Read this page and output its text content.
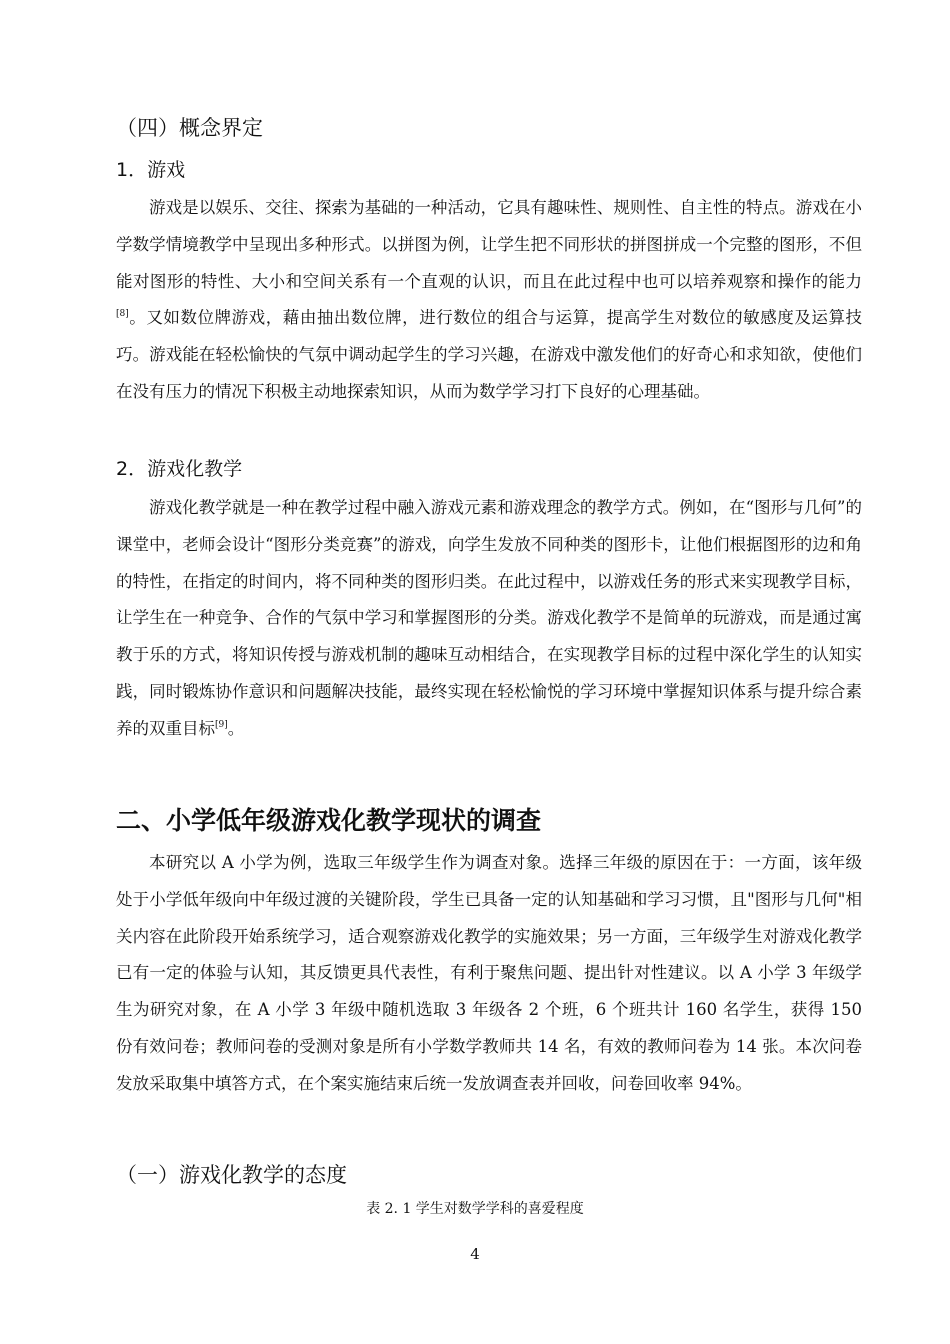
（四）概念界定
1．游戏

游戏是以娱乐、交往、探索为基础的一种活动，它具有趣味性、规则性、自主性的特点。游戏在小学数学情境教学中呈现出多种形式。以拼图为例，让学生把不同形状的拼图拼成一个完整的图形，不但能对图形的特性、大小和空间关系有一个直观的认识，而且在此过程中也可以培养观察和操作的能力[8]。又如数位牌游戏，藉由抽出数位牌，进行数位的组合与运算，提高学生对数位的敏感度及运算技巧。游戏能在轻松愉快的气氛中调动起学生的学习兴趣，在游戏中激发他们的好奇心和求知欲，使他们在没有压力的情况下积极主动地探索知识，从而为数学学习打下良好的心理基础。

2．游戏化教学

游戏化教学就是一种在教学过程中融入游戏元素和游戏理念的教学方式。例如，在“图形与几何”的课堂中，老师会设计“图形分类竞赛”的游戏，向学生发放不同种类的图形卡，让他们根据图形的边和角的特性，在指定的时间内，将不同种类的图形归类。在此过程中，以游戏任务的形式来实现教学目标，让学生在一种竞争、合作的气氛中学习和掌握图形的分类。游戏化教学不是简单的玩游戏，而是通过寓教于乐的方式，将知识传授与游戏机制的趣味互动相结合，在实现教学目标的过程中深化学生的认知实践，同时锻炼协作意识和问题解决技能，最终实现在轻松愉悦的学习环境中掌握知识体系与提升综合素养的双重目标[9]。

二、小学低年级游戏化教学现状的调查

本研究以 A 小学为例，选取三年级学生作为调查对象。选择三年级的原因在于：一方面，该年级处于小学低年级向中年级过渡的关键阶段，学生已具备一定的认知基础和学习习惯，且"图形与几何"相关内容在此阶段开始系统学习，适合观察游戏化教学的实施效果；另一方面，三年级学生对游戏化教学已有一定的体验与认知，其反馈更具代表性，有利于聚焦问题、提出针对性建议。以 A 小学 3 年级学生为研究对象，在 A 小学 3 年级中随机选取 3 年级各 2 个班，6 个班共计 160 名学生，获得 150 份有效问卷；教师问卷的受测对象是所有小学数学教师共 14 名，有效的教师问卷为 14 张。本次问卷发放采取集中填答方式，在个案实施结束后统一发放调查表并回收，问卷回收率 94%。

（一）游戏化教学的态度
表 2. 1 学生对数学学科的喜爱程度
4
